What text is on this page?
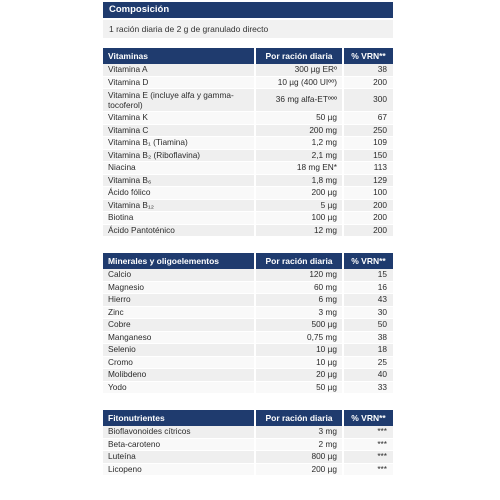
Composición
1 ración diaria de 2 g de granulado directo
Vitaminas	Por ración diaria	% VRN**
Vitamina A	300 µg ERº	38
Vitamina D	10 µg (400 UIºº)	200
Vitamina E (incluye alfa y gamma-tocoferol)	36 mg alfa-ETººº	300
Vitamina K	50 µg	67
Vitamina C	200 mg	250
Vitamina B₁ (Tiamina)	1,2 mg	109
Vitamina B₂ (Riboflavina)	2,1 mg	150
Niacina	18 mg EN*	113
Vitamina B₆	1,8 mg	129
Ácido fólico	200 µg	100
Vitamina B₁₂	5 µg	200
Biotina	100 µg	200
Ácido Pantoténico	12 mg	200
Minerales y oligoelementos	Por ración diaria	% VRN**
Calcio	120 mg	15
Magnesio	60 mg	16
Hierro	6 mg	43
Zinc	3 mg	30
Cobre	500 µg	50
Manganeso	0,75 mg	38
Selenio	10 µg	18
Cromo	10 µg	25
Molibdeno	20 µg	40
Yodo	50 µg	33
Fitonutrientes	Por ración diaria	% VRN**
Bioflavonoides cítricos	3 mg	***
Beta-caroteno	2 mg	***
Luteína	800 µg	***
Licopeno	200 µg	***
